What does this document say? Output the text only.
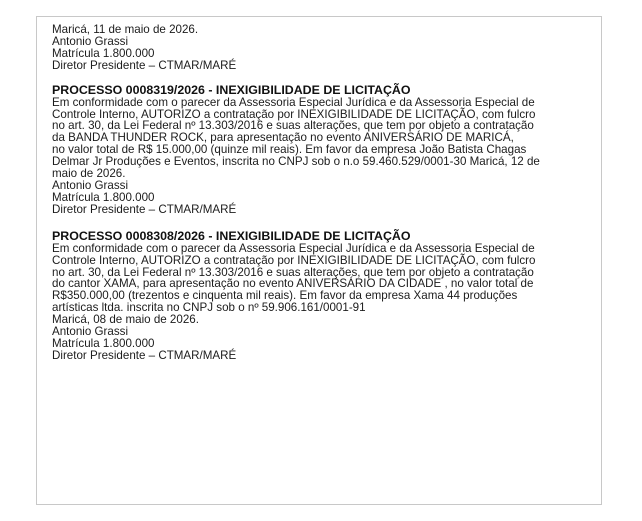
Maricá, 11 de maio de 2026.
Antonio Grassi
Matrícula 1.800.000
Diretor Presidente – CTMAR/MARÉ
PROCESSO 0008319/2026 - INEXIGIBILIDADE DE LICITAÇÃO
Em conformidade com o parecer da Assessoria Especial Jurídica e da Assessoria Especial de
Controle Interno, AUTORIZO a contratação por INEXIGIBILIDADE DE LICITAÇÃO, com fulcro
no art. 30, da Lei Federal nº 13.303/2016 e suas alterações, que tem por objeto a contratação
da BANDA THUNDER ROCK, para apresentação no evento ANIVERSÁRIO DE MARICÁ,
no valor total de R$ 15.000,00 (quinze mil reais). Em favor da empresa João Batista Chagas
Delmar Jr Produções e Eventos, inscrita no CNPJ sob o n.o 59.460.529/0001-30 Maricá, 12 de
maio de 2026.
Antonio Grassi
Matrícula 1.800.000
Diretor Presidente – CTMAR/MARÉ
PROCESSO 0008308/2026 - INEXIGIBILIDADE DE LICITAÇÃO
Em conformidade com o parecer da Assessoria Especial Jurídica e da Assessoria Especial de
Controle Interno, AUTORIZO a contratação por INEXIGIBILIDADE DE LICITAÇÃO, com fulcro
no art. 30, da Lei Federal nº 13.303/2016 e suas alterações, que tem por objeto a contratação
do cantor XAMA, para apresentação no evento ANIVERSÁRIO DA CIDADE , no valor total de
R$350.000,00 (trezentos e cinquenta mil reais). Em favor da empresa Xama 44 produções
artísticas ltda. inscrita no CNPJ sob o nº 59.906.161/0001-91
Maricá, 08 de maio de 2026.
Antonio Grassi
Matrícula 1.800.000
Diretor Presidente – CTMAR/MARÉ
